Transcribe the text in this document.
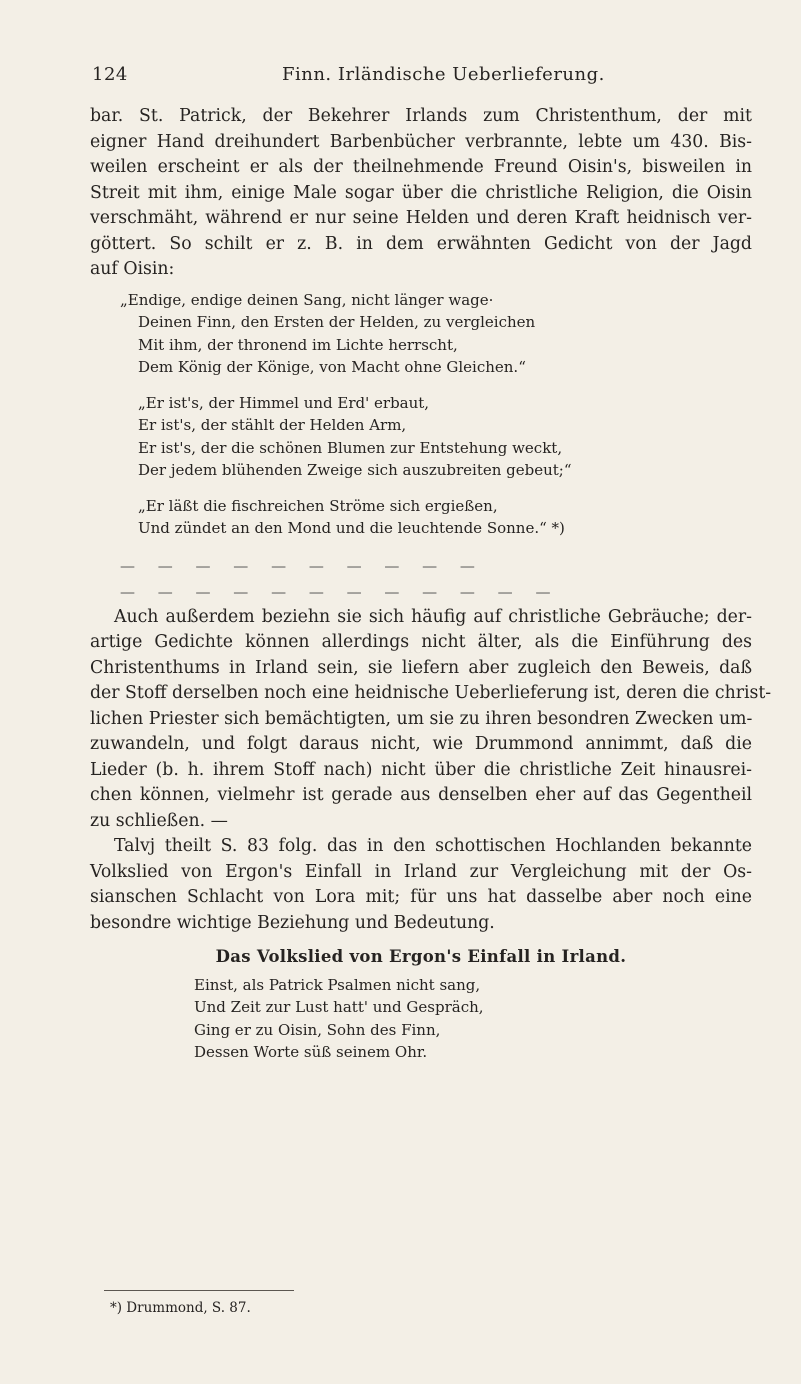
124	Finn. Irländische Ueberlieferung.

bar. St. Patrick, der Bekehrer Irlands zum Christenthum, der mit
eigner Hand dreihundert Barbenbücher verbrannte, lebte um 430. Bis-
weilen erscheint er als der theilnehmende Freund Oisin's, bisweilen in
Streit mit ihm, einige Male sogar über die christliche Religion, die Oisin
verschmäht, während er nur seine Helden und deren Kraft heidnisch ver-
göttert. So schilt er z. B. in dem erwähnten Gedicht von der Jagd
auf Oisin:

„Endige, endige deinen Sang, nicht länger wage·
Deinen Finn, den Ersten der Helden, zu vergleichen
Mit ihm, der thronend im Lichte herrscht,
Dem König der Könige, von Macht ohne Gleichen.“
„Er ist's, der Himmel und Erd' erbaut,
Er ist's, der stählt der Helden Arm,
Er ist's, der die schönen Blumen zur Entstehung weckt,
Der jedem blühenden Zweige sich auszubreiten gebeut;“
„Er läßt die fischreichen Ströme sich ergießen,
Und zündet an den Mond und die leuchtende Sonne.“ *)
— — — — — — — — — —
— — — — — — — — — — — —

Auch außerdem beziehn sie sich häufig auf christliche Gebräuche; der-
artige Gedichte können allerdings nicht älter, als die Einführung des
Christenthums in Irland sein, sie liefern aber zugleich den Beweis, daß
der Stoff derselben noch eine heidnische Ueberlieferung ist, deren die christ-
lichen Priester sich bemächtigten, um sie zu ihren besondren Zwecken um-
zuwandeln, und folgt daraus nicht, wie Drummond annimmt, daß die
Lieder (b. h. ihrem Stoff nach) nicht über die christliche Zeit hinausrei-
chen können, vielmehr ist gerade aus denselben eher auf das Gegentheil
zu schließen. —

Talvj theilt S. 83 folg. das in den schottischen Hochlanden bekannte
Volkslied von Ergon's Einfall in Irland zur Vergleichung mit der Os-
sianschen Schlacht von Lora mit; für uns hat dasselbe aber noch eine
besondre wichtige Beziehung und Bedeutung.

Das Volkslied von Ergon's Einfall in Irland.
Einst, als Patrick Psalmen nicht sang,
Und Zeit zur Lust hatt' und Gespräch,
Ging er zu Oisin, Sohn des Finn,
Dessen Worte süß seinem Ohr.
*) Drummond, S. 87.
